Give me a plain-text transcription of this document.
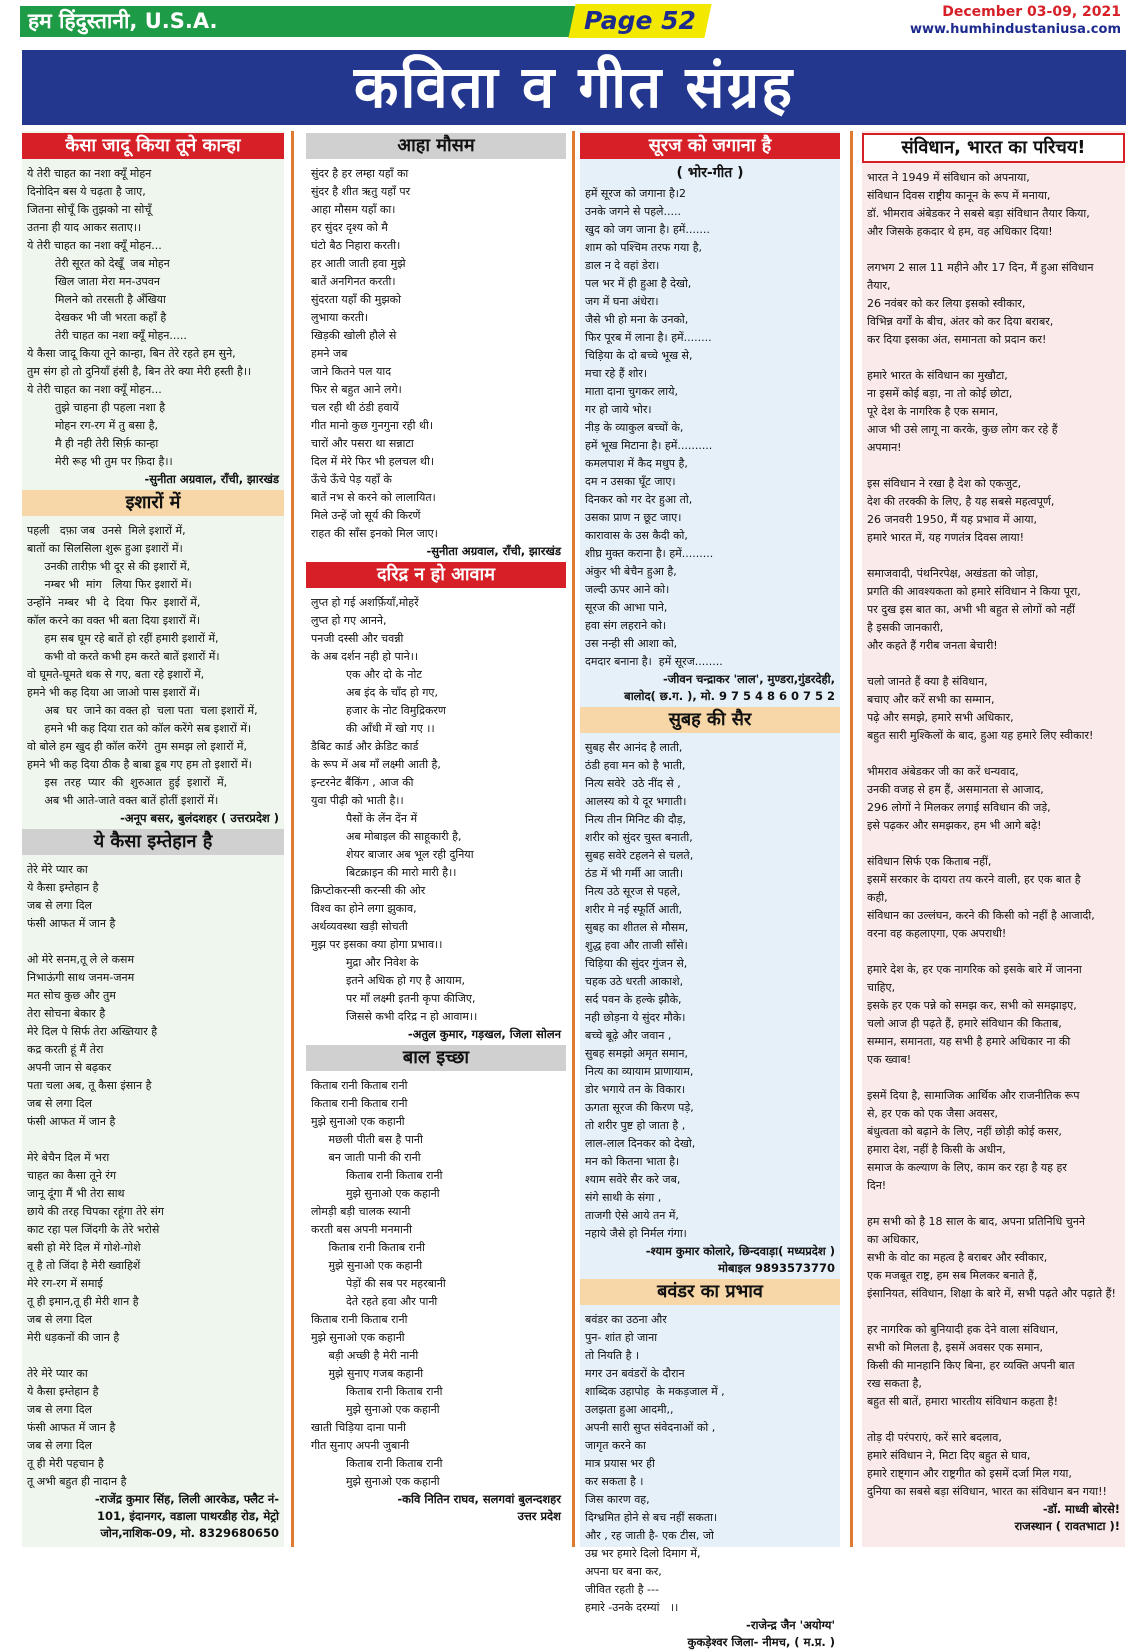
हम हिंदुस्तानी, U.S.A.	Page 52	December 03-09, 2021
www.humhindustaniusa.com
कविता व गीत संग्रह
कैसा जादू किया तूने कान्हा
ये तेरी चाहत का नशा क्यूँ मोहन
दिनोदिन बस ये चढ़ता है जाए,
जितना सोचूँ कि तुझको ना सोचूँ
उतना ही याद आकर सताए।।
ये तेरी चाहत का नशा क्यूँ मोहन...
तेरी सूरत को देखूँ  जब मोहन
खिल जाता मेरा मन-उपवन
मिलने को तरसती है अँखिया
देखकर भी जी भरता कहाँ है
तेरी चाहत का नशा क्यूँ मोहन.....
ये कैसा जादू किया तूने कान्हा, बिन तेरे रहते हम सुने,
तुम संग हो तो दुनियाँ हंसी है, बिन तेरे क्या मेरी हस्ती है।।
ये तेरी चाहत का नशा क्यूँ मोहन...
तुझे चाहना ही पहला नशा है
मोहन रग-रग में तु बसा है,
मै ही नही तेरी सिर्फ़ कान्हा
मेरी रूह भी तुम पर फ़िदा है।।
-सुनीता अग्रवाल, राँची, झारखंड
इशारों में
पहली   दफ़ा जब  उनसे  मिले इशारों में,
बातों का सिलसिला शुरू हुआ इशारों में।
उनकी तारीफ़ भी दूर से की इशारों में,
नम्बर भी  मांग   लिया फिर इशारों में।
उन्होंने  नम्बर  भी  दे  दिया  फिर  इशारों में,
कॉल करने का वक्त भी बता दिया इशारों में।
हम सब घूम रहे बातें हो रहीं हमारी इशारों में,
कभी वो करते कभी हम करते बातें इशारों में।
वो घूमते-घूमते थक से गए, बता रहे इशारों में,
हमने भी कह दिया आ जाओ पास इशारों में।
अब  घर  जाने का वक्त हो  चला पता  चला इशारों में,
हमने भी कह दिया रात को कॉल करेंगे सब इशारों में।
वो बोले हम खुद ही कॉल करेंगे  तुम समझ लो इशारों में,
हमने भी कह दिया ठीक है बाबा डूब गए हम तो इशारों में।
इस  तरह  प्यार  की  शुरुआत  हुई  इशारों  में,
अब भी आते-जाते वक्त बातें होतीं इशारों में।
-अनूप बसर, बुलंदशहर ( उत्तरप्रदेश )
ये कैसा इम्तेहान है
तेरे मेरे प्यार का
ये कैसा इम्तेहान है
जब से लगा दिल
फंसी आफत में जान है

ओ मेरे सनम,तू ले ले कसम
निभाऊंगी साथ जनम-जनम
मत सोच कुछ और तुम
तेरा सोचना बेकार है
मेरे दिल पे सिर्फ तेरा अख्तियार है
कद्र करती हूं मैं तेरा
अपनी जान से बढ़कर
पता चला अब, तू कैसा इंसान है
जब से लगा दिल
फंसी आफत में जान है

मेरे बेचैन दिल में भरा
चाहत का कैसा तूने रंग
जानू दूंगा मैं भी तेरा साथ
छाये की तरह चिपका रहूंगा तेरे संग
काट रहा पल जिंदगी के तेरे भरोसे
बसी हो मेरे दिल में गोशे-गोशे
तू है तो जिंदा है मेरी ख्वाहिशें
मेरे रग-रग में समाई
तू ही इमान,तू ही मेरी शान है
जब से लगा दिल
मेरी धड़कनों की जान है

तेरे मेरे प्यार का
ये कैसा इम्तेहान है
जब से लगा दिल
फंसी आफत में जान है
जब से लगा दिल
तू ही मेरी पहचान है
तू अभी बहुत ही नादान है
-राजेंद्र कुमार सिंह, लिली आरकेड, फ्लैट नं-
101, इंदानगर, वडाला पाथरडीह रोड, मेट्रो
जोन,नाशिक-09, मो. 8329680650
आहा मौसम
सुंदर है हर लम्हा यहाँ का
सुंदर है शीत ऋतु यहाँ पर
आहा मौसम यहाँ का।
हर सुंदर दृश्य को मै
घंटो बैठ निहारा करती।
हर आती जाती हवा मुझे
बातें अनगिनत करती।
सुंदरता यहाँ की मुझको
लुभाया करती।
खिड़की खोली हौले से
हमने जब
जाने कितने पल याद
फिर से बहुत आने लगे।
चल रही थी ठंडी हवायें
गीत मानो कुछ गुनगुना रही थी।
चारों और पसरा था सन्नाटा
दिल में मेरे फिर भी हलचल थी।
ऊँचे ऊँचे पेड़ यहाँ के
बातें नभ से करने को लालायित।
मिले उन्हें जो सूर्य की किरणें
राहत की साँस इनको मिल जाए।
-सुनीता अग्रवाल, राँची, झारखंड
दरिद्र न हो आवाम
लुप्त हो गई अशर्फ़ियाँ,मोहरें
लुप्त हो गए आनने,
पनजी दस्सी और चवन्नी
के अब दर्शन नही हो पाने।।
एक और दो के नोट
अब इंद के चाँद हो गए,
हजार के नोट विमुद्रिकरण
की आँधी में खो गए ।।
डैबिट कार्ड और क्रेडिट कार्ड
के रूप में अब माँ लक्ष्मी आती है,
इन्टरनेट बैंकिंग , आज की
युवा पीढ़ी को भाती है।।
पैसों के लेंन देंन में
अब मोबाइल की साहूकारी है,
शेयर बाजार अब भूल रही दुनिया
बिटक्राइन की मारो मारी है।।
क्रिप्टोकरन्सी करन्सी की ओर
विश्व का होने लगा झुकाव,
अर्थव्यवस्था खड़ी सोचती
मुझ पर इसका क्या होगा प्रभाव।।
मुद्रा और निवेश के
इतने अधिक हो गए है आयाम,
पर माँ लक्ष्मी इतनी कृपा कीजिए,
जिससे कभी दरिद्र न हो आवाम।।
-अतुल कुमार, गड़खल, जिला सोलन
बाल इच्छा
किताब रानी किताब रानी
किताब रानी किताब रानी
मुझे सुनाओ एक कहानी
मछली पीती बस है पानी
बन जाती पानी की रानी
किताब रानी किताब रानी
मुझे सुनाओ एक कहानी
लोमड़ी बड़ी चालक स्यानी
करती बस अपनी मनमानी
किताब रानी किताब रानी
मुझे सुनाओ एक कहानी
पेड़ों की सब पर महरबानी
देते रहते हवा और पानी
किताब रानी किताब रानी
मुझे सुनाओ एक कहानी
बड़ी अच्छी है मेरी नानी
मुझे सुनाए गजब कहानी
किताब रानी किताब रानी
मुझे सुनाओ एक कहानी
खाती चिड़िया दाना पानी
गीत सुनाए अपनी जुबानी
किताब रानी किताब रानी
मुझे सुनाओ एक कहानी
-कवि नितिन राघव, सलगवां बुलन्दशहर
उत्तर प्रदेश
सूरज को जगाना है
( भोर-गीत )
हमें सूरज को जगाना है।2
उनके जगने से पहले.....
खुद को जग जाना है। हमें.......
शाम को पश्चिम तरफ गया है,
डाल न दे वहां डेरा।
पल भर में ही हुआ है देखो,
जग में घना अंधेरा।
जैसे भी हो मना के उनको,
फिर पूरब में लाना है। हमें........
चिड़िया के दो बच्चे भूख से,
मचा रहे हैं शोर।
माता दाना चुगकर लाये,
गर हो जाये भोर।
नीड़ के व्याकुल बच्चों के,
हमें भूख मिटाना है। हमें..........
कमलपाश में कैद मधुप है,
दम न उसका घूँट जाए।
दिनकर को गर देर हुआ तो,
उसका प्राण न छूट जाए।
कारावास के उस कैदी को,
शीघ्र मुक्त कराना है। हमें.........
अंकुर भी बेचैन हुआ है,
जल्दी ऊपर आने को।
सूरज की आभा पाने,
हवा संग लहराने को।
उस नन्ही सी आशा को,
दमदार बनाना है।  हमें सूरज........
-जीवन चन्द्राकर 'लाल', मुण्डरा,गुंडरदेही,
बालोद( छ.ग. ), मो. 9 7 5 4 8 6 0 7 5 2
सुबह की सैर
सुबह सैर आनंद है लाती,
ठंडी हवा मन को है भाती,
नित्य सवेरे  उठे नींद से ,
आलस्य को ये दूर भगाती।
नित्य तीन मिनिट की दौड़,
शरीर को सुंदर चुस्त बनाती,
सुबह सवेरे टहलने से चलते,
ठंड में भी गर्मी आ जाती।
नित्य उठे सूरज से पहले,
शरीर मे नई स्फूर्ति आती,
सुबह का शीतल से मौसम,
शुद्ध हवा और ताजी साँसे।
चिड़िया की सुंदर गुंजन से,
चहक उठे धरती आकाशे,
सर्द पवन के हल्के झौके,
नही छोड़ना ये सुंदर मौके।
बच्चे बूढ़े और जवान ,
सुबह समझो अमृत समान,
नित्य का व्यायाम प्राणायाम,
डोर भगाये तन के विकार।
ऊगता सूरज की किरण पड़े,
तो शरीर पुष्ट हो जाता है ,
लाल-लाल दिनकर को देखो,
मन को कितना भाता है।
श्याम सवेरे सैर करे जब,
संगे साथी के संगा ,
ताजगी ऐसे आये तन में,
नहाये जैसे हो निर्मल गंगा।
-श्याम कुमार कोलारे, छिन्दवाड़ा( मध्यप्रदेश )
मोबाइल 9893573770
बवंडर का प्रभाव
बवंडर का उठना और
पुन- शांत हो जाना
तो नियति है ।
मगर उन बवंडरों के दौरान
शाब्दिक उहापोह  के मकड़जाल में ,
उलझता हुआ आदमी,,
अपनी सारी सुप्त संवेदनाओं को ,
जागृत करने का
मात्र प्रयास भर ही
कर सकता है ।
जिस कारण वह,
दिग्भ्रमित होने से बच नहीं सकता।
और , रह जाती है- एक टीस, जो
उम्र भर हमारे दिलो दिमाग में,
अपना घर बना कर,
जीवित रहती है ---
हमारे -उनके दरम्यां   ।।
-राजेन्द्र जैन 'अयोग्य'
कुकड़ेश्वर जिला- नीमच, ( म.प्र. )
संविधान, भारत का परिचय!
भारत ने 1949 में संविधान को अपनाया,
संविधान दिवस राष्ट्रीय कानून के रूप में मनाया,
डॉ. भीमराव अंबेडकर ने सबसे बड़ा संविधान तैयार किया,
और जिसके हकदार थे हम, वह अधिकार दिया!

लगभग 2 साल 11 महीने और 17 दिन, मैं हुआ संविधान तैयार,
26 नवंबर को कर लिया इसको स्वीकार,
विभिन्न वर्गों के बीच, अंतर को कर दिया बराबर,
कर दिया इसका अंत, समानता को प्रदान कर!

हमारे भारत के संविधान का मुखौटा,
ना इसमें कोई बड़ा, ना तो कोई छोटा,
पूरे देश के नागरिक है एक समान,
आज भी उसे लागू ना करके, कुछ लोग कर रहे हैं
अपमान!

इस संविधान ने रखा है देश को एकजुट,
देश की तरक्की के लिए, है यह सबसे महत्वपूर्ण,
26 जनवरी 1950, मैं यह प्रभाव में आया,
हमारे भारत में, यह गणतंत्र दिवस लाया!

समाजवादी, पंथनिरपेक्ष, अखंडता को जोड़ा,
प्रगति की आवश्यकता को हमारे संविधान ने किया पूरा,
पर दुख इस बात का, अभी भी बहुत से लोगों को नहीं
है इसकी जानकारी,
और कहते हैं गरीब जनता बेचारी!

चलो जानते हैं क्या है संविधान,
बचाए और करें सभी का सम्मान,
पढ़े और समझे, हमारे सभी अधिकार,
बहुत सारी मुश्किलों के बाद, हुआ यह हमारे लिए स्वीकार!

भीमराव अंबेडकर जी का करें धन्यवाद,
उनकी वजह से हम हैं, असमानता से आजाद,
296 लोगों ने मिलकर लगाई सविधान की जड़े,
इसे पढ़कर और समझकर, हम भी आगे बढ़े!

संविधान सिर्फ एक किताब नहीं,
इसमें सरकार के दायरा तय करने वाली, हर एक बात है
कही,
संविधान का उल्लंघन, करने की किसी को नहीं है आजादी,
वरना वह कहलाएगा, एक अपराधी!

हमारे देश के, हर एक नागरिक को इसके बारे में जानना
चाहिए,
इसके हर एक पन्ने को समझ कर, सभी को समझाइए,
चलो आज ही पढ़ते हैं, हमारे संविधान की किताब,
सम्मान, समानता, यह सभी है हमारे अधिकार ना की
एक ख्वाब!

इसमें दिया है, सामाजिक आर्थिक और राजनीतिक रूप
से, हर एक को एक जैसा अवसर,
बंधुत्वता को बढ़ाने के लिए, नहीं छोड़ी कोई कसर,
हमारा देश, नहीं है किसी के अधीन,
समाज के कल्याण के लिए, काम कर रहा है यह हर
दिन!

हम सभी को है 18 साल के बाद, अपना प्रतिनिधि चुनने
का अधिकार,
सभी के वोट का महत्व है बराबर और स्वीकार,
एक मजबूत राष्ट्र, हम सब मिलकर बनाते हैं,
इंसानियत, संविधान, शिक्षा के बारे में, सभी पढ़ते और पढ़ाते हैं!

हर नागरिक को बुनियादी हक देने वाला संविधान,
सभी को मिलता है, इसमें अवसर एक समान,
किसी की मानहानि किए बिना, हर व्यक्ति अपनी बात
रख सकता है,
बहुत सी बातें, हमारा भारतीय संविधान कहता है!

तोड़ दी परंपराएं, करें सारे बदलाव,
हमारे संविधान ने, मिटा दिए बहुत से घाव,
हमारे राष्ट्गान और राष्ट्रगीत को इसमें दर्जा मिल गया,
दुनिया का सबसे बड़ा संविधान, भारत का संविधान बन गया!!
-डॉ. माध्वी बोरसे!
राजस्थान ( रावतभाटा )!
